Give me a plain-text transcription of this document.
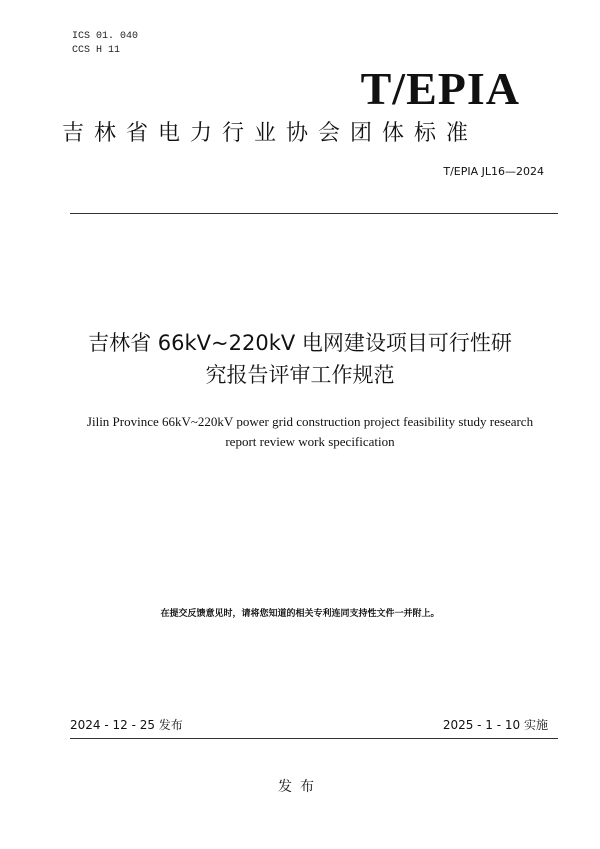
ICS 01. 040
CCS H 11
T/EPIA
吉林省电力行业协会团体标准
T/EPIA JL16—2024
吉林省 66kV~220kV 电网建设项目可行性研
究报告评审工作规范
Jilin Province 66kV~220kV power grid construction project feasibility study research
report review work specification
在提交反馈意见时，请将您知道的相关专利连同支持性文件一并附上。
2024 - 12 - 25 发布	2025 - 1 - 10 实施
发布
